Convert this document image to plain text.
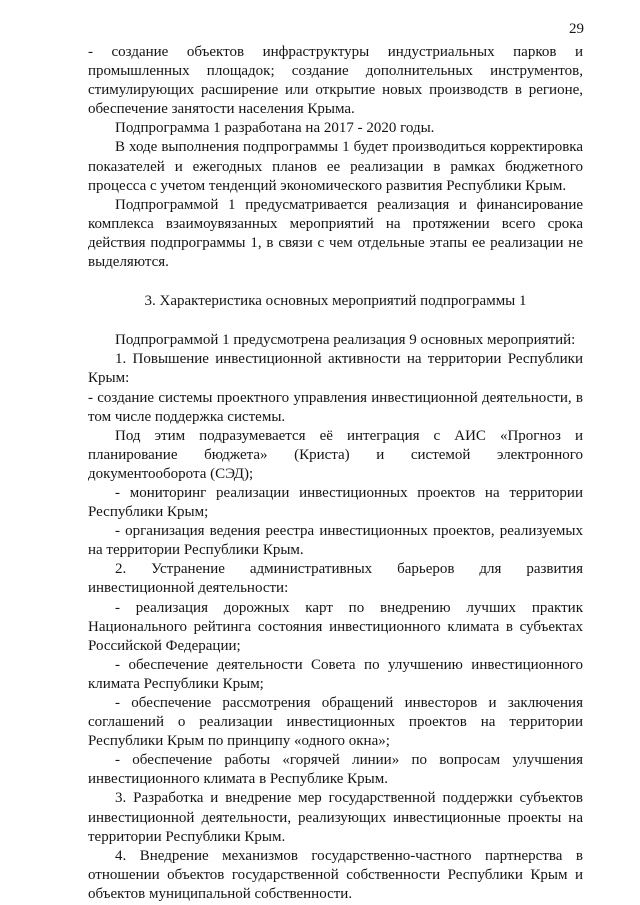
29

- создание объектов инфраструктуры индустриальных парков и промышленных площадок; создание дополнительных инструментов, стимулирующих расширение или открытие новых производств в регионе, обеспечение занятости населения Крыма.

Подпрограмма 1 разработана на 2017 - 2020 годы.

В ходе выполнения подпрограммы 1 будет производиться корректировка показателей и ежегодных планов ее реализации в рамках бюджетного процесса с учетом тенденций экономического развития Республики Крым.

Подпрограммой 1 предусматривается реализация и финансирование комплекса взаимоувязанных мероприятий на протяжении всего срока действия подпрограммы 1, в связи с чем отдельные этапы ее реализации не выделяются.

3. Характеристика основных мероприятий подпрограммы 1

Подпрограммой 1 предусмотрена реализация 9 основных мероприятий:

1. Повышение инвестиционной активности на территории Республики Крым:

- создание системы проектного управления инвестиционной деятельности, в том числе поддержка системы.

Под этим подразумевается её интеграция с АИС «Прогноз и планирование бюджета» (Криста) и системой электронного документооборота (СЭД);

- мониторинг реализации инвестиционных проектов на территории Республики Крым;

- организация ведения реестра инвестиционных проектов, реализуемых на территории Республики Крым.

2. Устранение административных барьеров для развития инвестиционной деятельности:

- реализация дорожных карт по внедрению лучших практик Национального рейтинга состояния инвестиционного климата в субъектах Российской Федерации;

- обеспечение деятельности Совета по улучшению инвестиционного климата Республики Крым;

- обеспечение рассмотрения обращений инвесторов и заключения соглашений о реализации инвестиционных проектов на территории Республики Крым по принципу «одного окна»;

- обеспечение работы «горячей линии» по вопросам улучшения инвестиционного климата в Республике Крым.

3. Разработка и внедрение мер государственной поддержки субъектов инвестиционной деятельности, реализующих инвестиционные проекты на территории Республики Крым.

4. Внедрение механизмов государственно-частного партнерства в отношении объектов государственной собственности Республики Крым и объектов муниципальной собственности.
